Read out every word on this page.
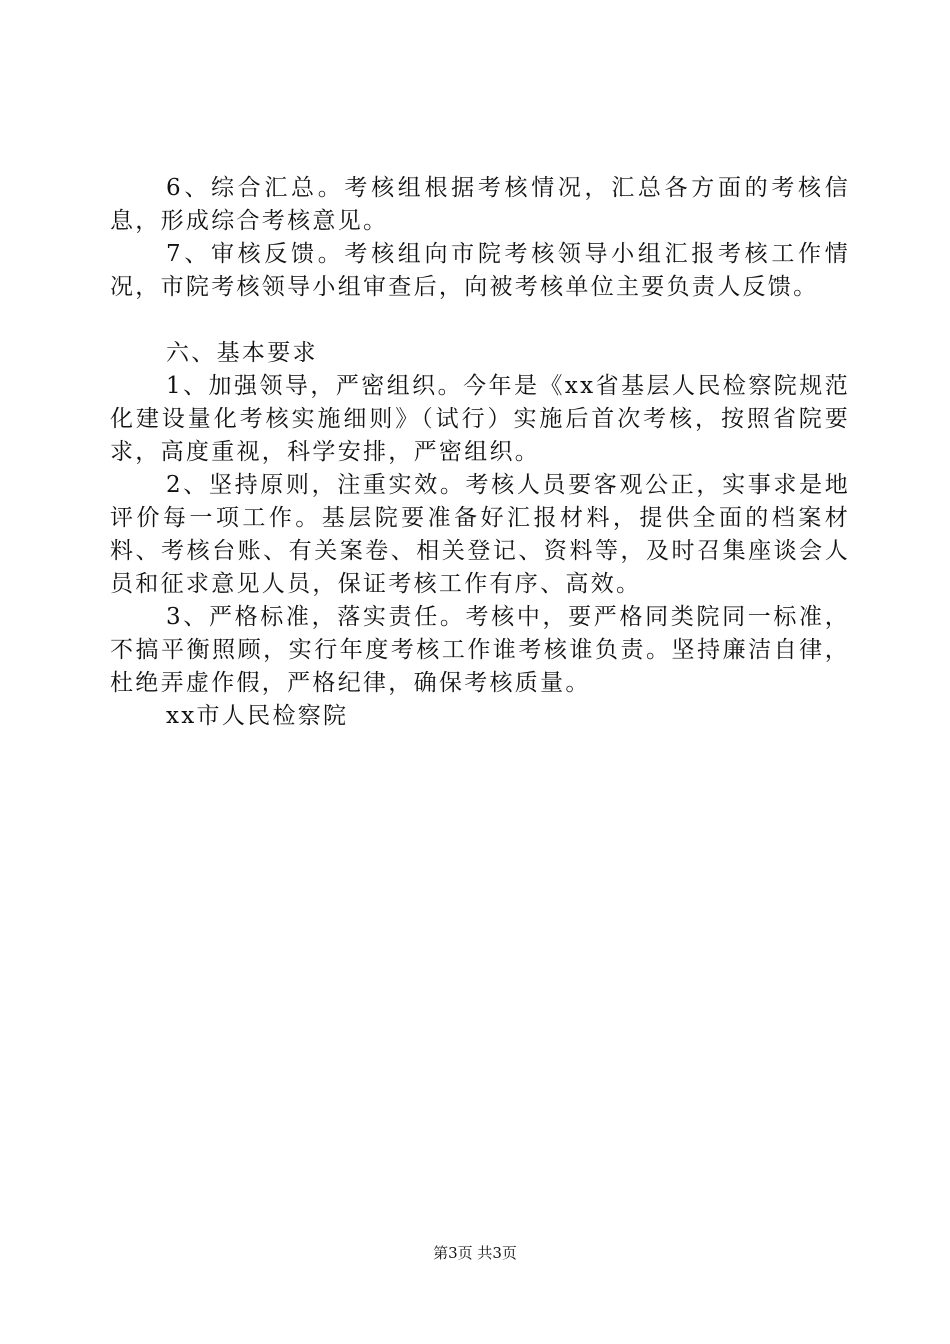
6、综合汇总。考核组根据考核情况，汇总各方面的考核信息，形成综合考核意见。

7、审核反馈。考核组向市院考核领导小组汇报考核工作情况，市院考核领导小组审查后，向被考核单位主要负责人反馈。

六、基本要求

1、加强领导，严密组织。今年是《xx省基层人民检察院规范化建设量化考核实施细则》（试行）实施后首次考核，按照省院要求，高度重视，科学安排，严密组织。

2、坚持原则，注重实效。考核人员要客观公正，实事求是地评价每一项工作。基层院要准备好汇报材料，提供全面的档案材料、考核台账、有关案卷、相关登记、资料等，及时召集座谈会人员和征求意见人员，保证考核工作有序、高效。

3、严格标准，落实责任。考核中，要严格同类院同一标准，不搞平衡照顾，实行年度考核工作谁考核谁负责。坚持廉洁自律，杜绝弄虚作假，严格纪律，确保考核质量。

xx市人民检察院

第3页 共3页
